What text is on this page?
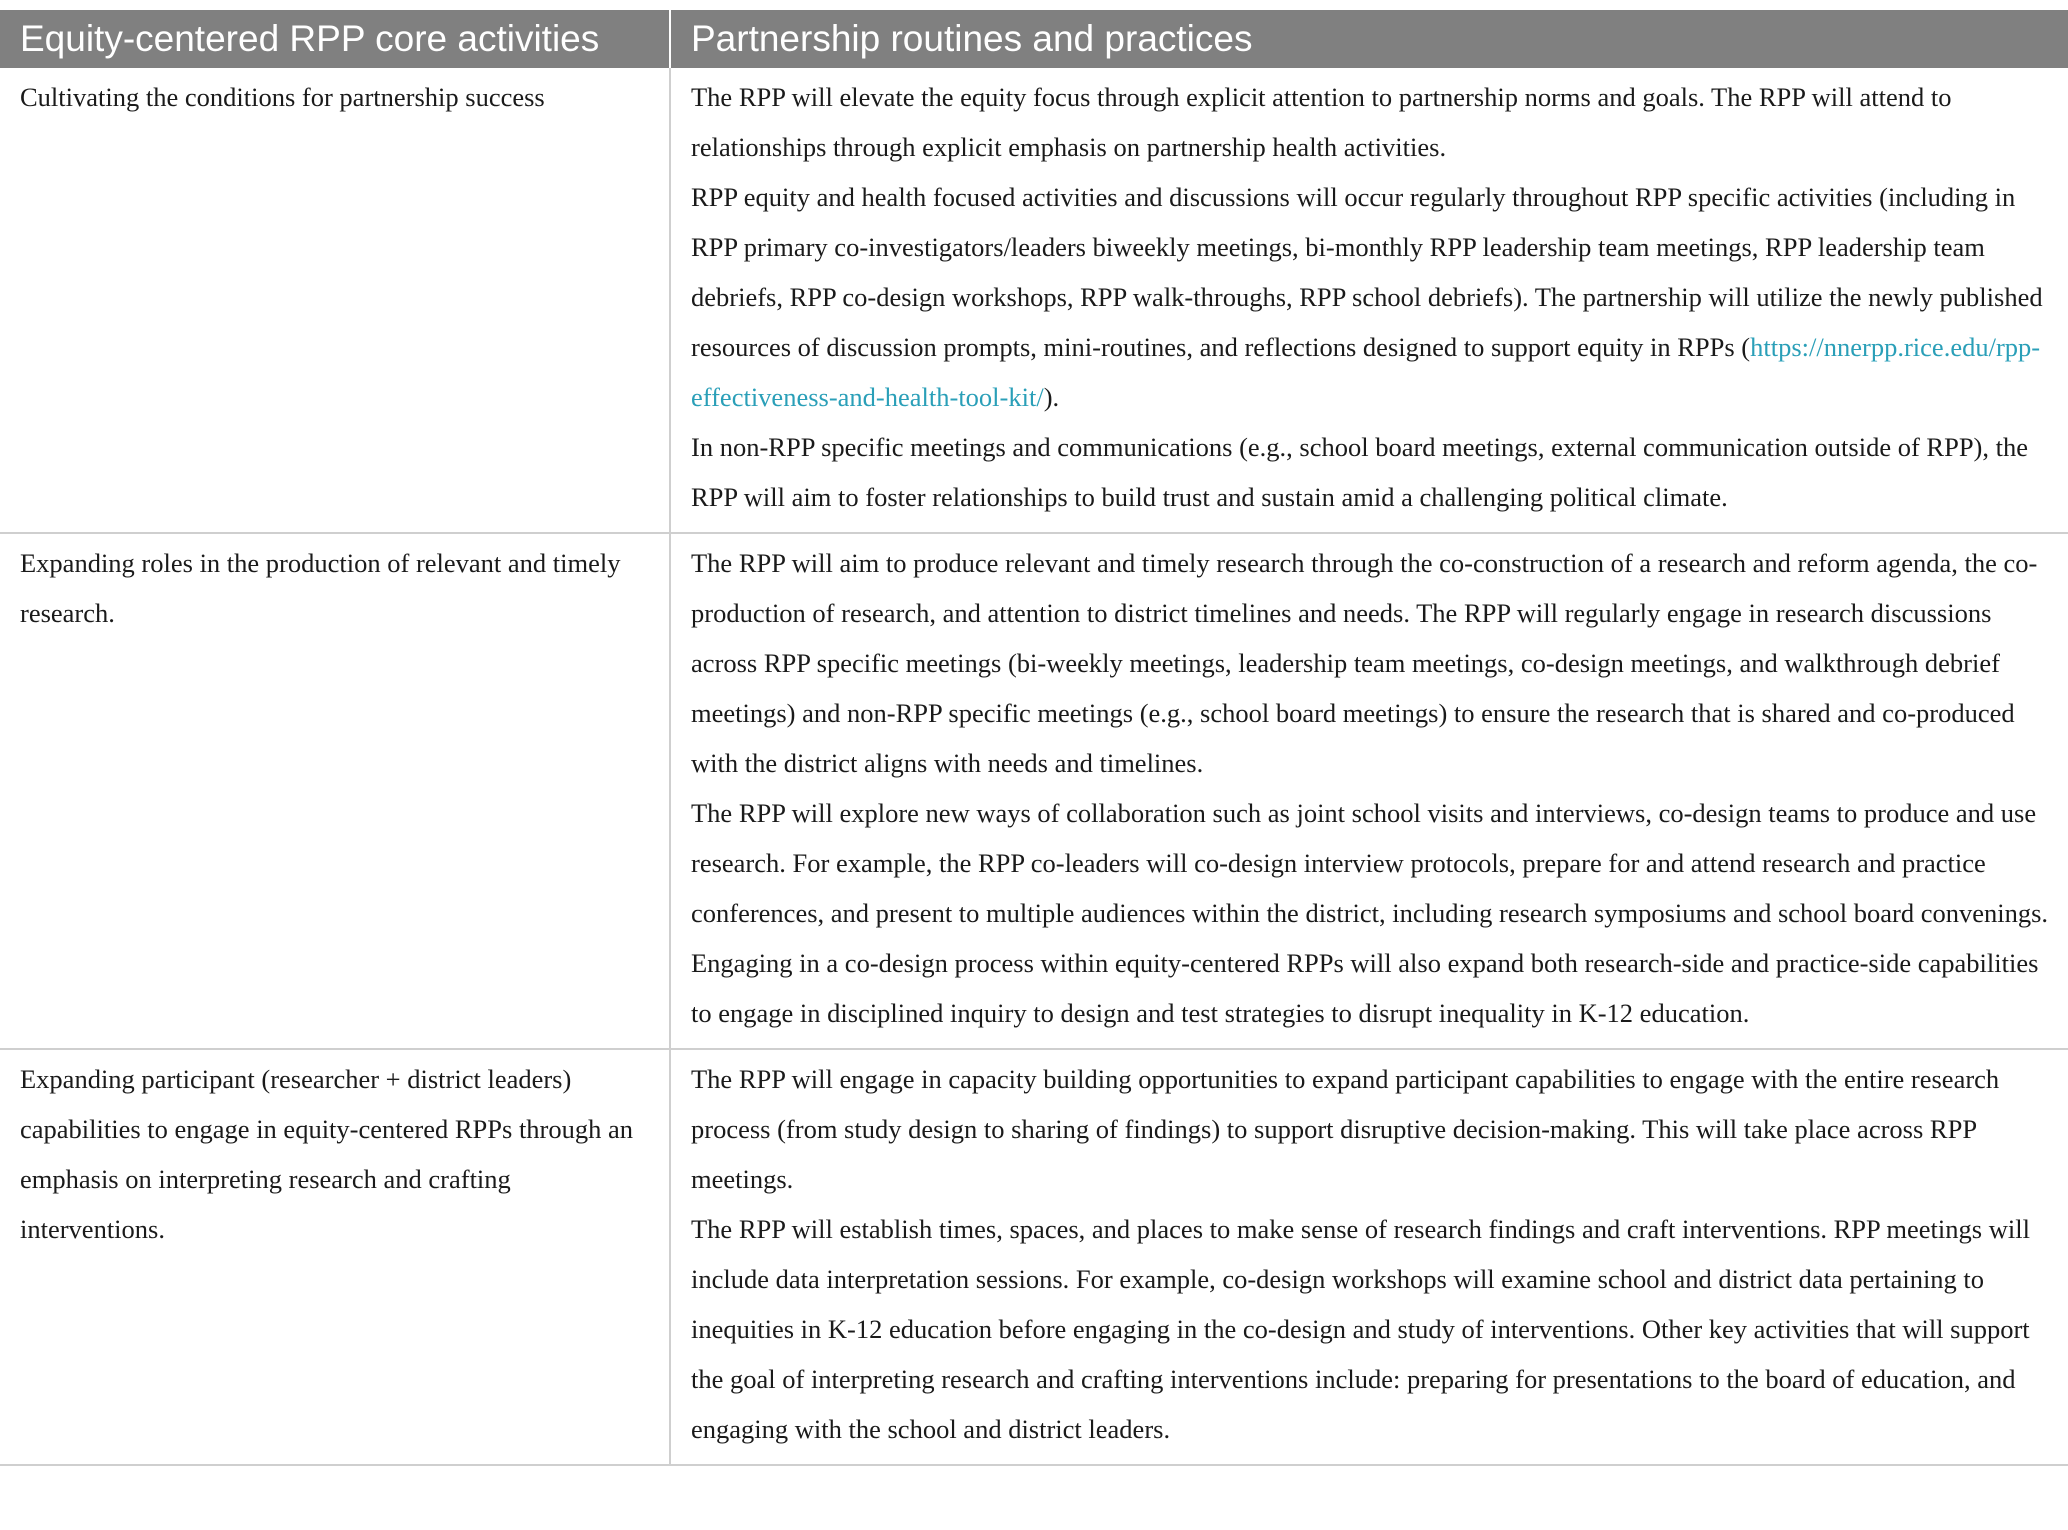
Equity-centered RPP core activities	Partnership routines and practices
Cultivating the conditions for partnership success	The RPP will elevate the equity focus through explicit attention to partnership norms and goals. The RPP will attend to relationships through explicit emphasis on partnership health activities.
RPP equity and health focused activities and discussions will occur regularly throughout RPP specific activities (including in RPP primary co-investigators/leaders biweekly meetings, bi-monthly RPP leadership team meetings, RPP leadership team debriefs, RPP co-design workshops, RPP walk-throughs, RPP school debriefs). The partnership will utilize the newly published resources of discussion prompts, mini-routines, and reflections designed to support equity in RPPs (https://nnerpp.rice.edu/rpp-effectiveness-and-health-tool-kit/).
In non-RPP specific meetings and communications (e.g., school board meetings, external communication outside of RPP), the RPP will aim to foster relationships to build trust and sustain amid a challenging political climate.

Expanding roles in the production of relevant and timely research.	The RPP will aim to produce relevant and timely research through the co-construction of a research and reform agenda, the co-production of research, and attention to district timelines and needs. The RPP will regularly engage in research discussions across RPP specific meetings (bi-weekly meetings, leadership team meetings, co-design meetings, and walkthrough debrief meetings) and non-RPP specific meetings (e.g., school board meetings) to ensure the research that is shared and co-produced with the district aligns with needs and timelines.
The RPP will explore new ways of collaboration such as joint school visits and interviews, co-design teams to produce and use research. For example, the RPP co-leaders will co-design interview protocols, prepare for and attend research and practice conferences, and present to multiple audiences within the district, including research symposiums and school board convenings. Engaging in a co-design process within equity-centered RPPs will also expand both research-side and practice-side capabilities to engage in disciplined inquiry to design and test strategies to disrupt inequality in K-12 education.

Expanding participant (researcher + district leaders) capabilities to engage in equity-centered RPPs through an emphasis on interpreting research and crafting interventions.	The RPP will engage in capacity building opportunities to expand participant capabilities to engage with the entire research process (from study design to sharing of findings) to support disruptive decision-making. This will take place across RPP meetings.
The RPP will establish times, spaces, and places to make sense of research findings and craft interventions. RPP meetings will include data interpretation sessions. For example, co-design workshops will examine school and district data pertaining to inequities in K-12 education before engaging in the co-design and study of interventions. Other key activities that will support the goal of interpreting research and crafting interventions include: preparing for presentations to the board of education, and engaging with the school and district leaders.
